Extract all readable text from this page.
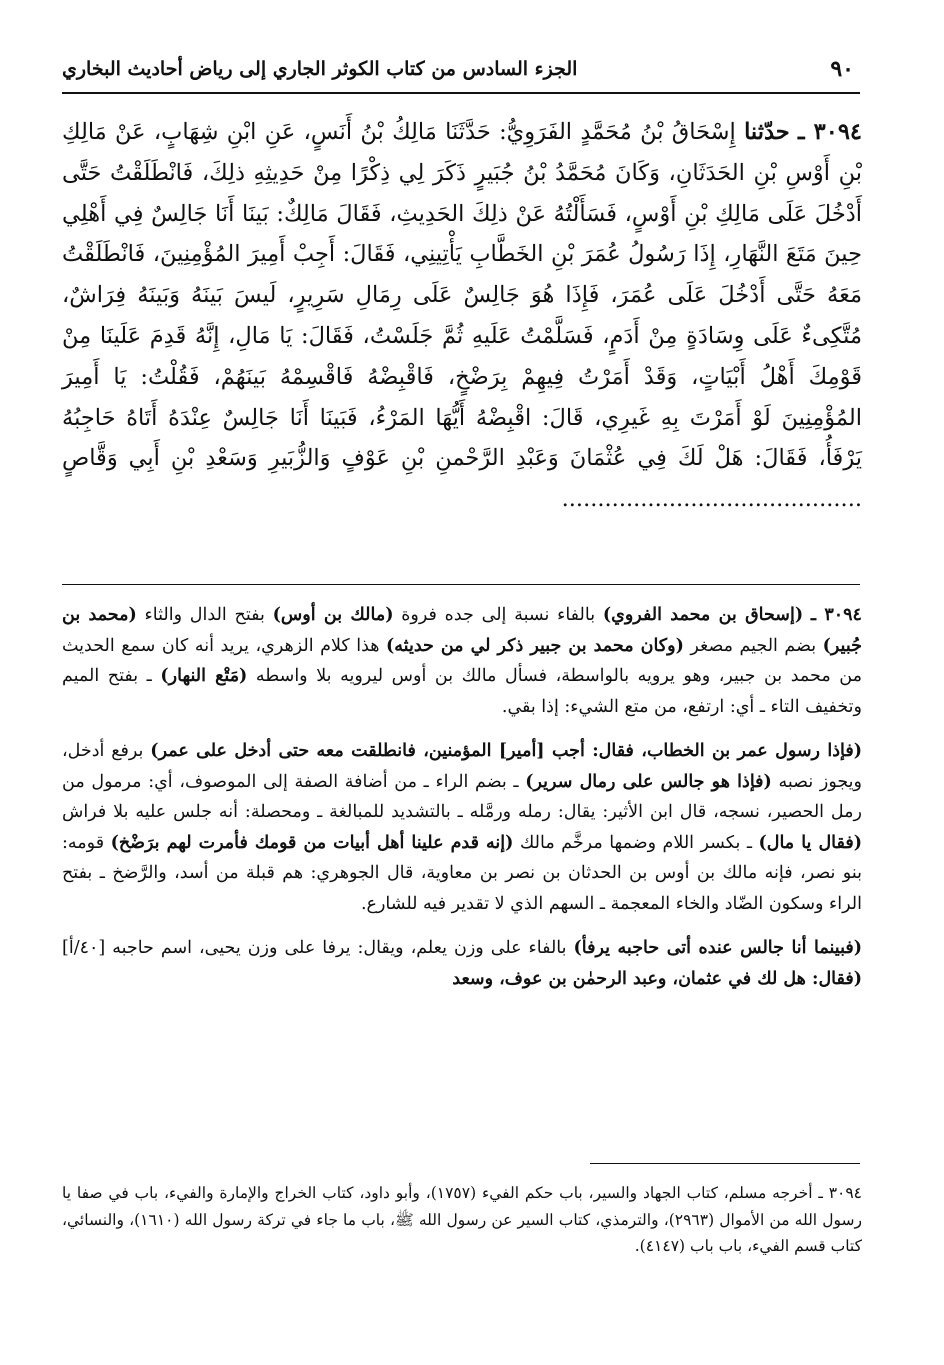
٩٠
الجزء السادس من كتاب الكوثر الجاري إلى رياض أحاديث البخاري
٣٠٩٤ ـ حدّثنا إِسْحَاقُ بْنُ مُحَمَّدٍ الفَرَوِيُّ: حَدَّثَنَا مَالِكُ بْنُ أَنَسٍ، عَنِ ابْنِ شِهَابٍ، عَنْ مَالِكِ بْنِ أَوْسِ بْنِ الحَدَثَانِ، وَكَانَ مُحَمَّدُ بْنُ جُبَيرٍ ذَكَرَ لِي ذِكْرًا مِنْ حَدِيثِهِ ذلِكَ، فَانْطَلَقْتُ حَتَّى أَدْخُلَ عَلَى مَالِكِ بْنِ أَوْسٍ، فَسَأَلْتُهُ عَنْ ذلِكَ الحَدِيثِ، فَقَالَ مَالِكٌ: بَينَا أَنَا جَالِسٌ فِي أَهْلِي حِينَ مَتَعَ النَّهَارِ، إِذَا رَسُولُ عُمَرَ بْنِ الخَطَّابِ يَأْتِينِي، فَقَالَ: أَجِبْ أَمِيرَ المُؤْمِنِينَ، فَانْطَلَقْتُ مَعَهُ حَتَّى أَدْخُلَ عَلَى عُمَرَ، فَإِذَا هُوَ جَالِسٌ عَلَى رِمَالِ سَرِيرٍ، لَيسَ بَينَهُ وَبَينَهُ فِرَاشٌ، مُتَّكِىءٌ عَلَى وِسَادَةٍ مِنْ أَدَمٍ، فَسَلَّمْتُ عَلَيهِ ثُمَّ جَلَسْتُ، فَقَالَ: يَا مَالِ، إِنَّهُ قَدِمَ عَلَينَا مِنْ قَوْمِكَ أَهْلُ أَبْيَاتٍ، وَقَدْ أَمَرْتُ فِيهِمْ بِرَضْخٍ، فَاقْبِضْهُ فَاقْسِمْهُ بَينَهُمْ، فَقُلْتُ: يَا أَمِيرَ المُؤْمِنِينَ لَوْ أَمَرْتَ بِهِ غَيرِي، قَالَ: اقْبِضْهُ أَيُّهَا المَرْءُ، فَبَينَا أَنَا جَالِسٌ عِنْدَهُ أَتَاهُ حَاجِبُهُ يَرْفَأُ، فَقَالَ: هَلْ لَكَ فِي عُثْمَانَ وَعَبْدِ الرَّحْمنِ بْنِ عَوْفٍ وَالزُّبَيرِ وَسَعْدِ بْنِ أَبِي وَقَّاصٍ ..........................................

٣٠٩٤ ـ (إسحاق بن محمد الفروي) بالفاء نسبة إلى جده فروة (مالك بن أوس) بفتح الدال والثاء (محمد بن جُبير) بضم الجيم مصغر (وكان محمد بن جبير ذكر لي من حديثه) هذا كلام الزهري، يريد أنه كان سمع الحديث من محمد بن جبير، وهو يرويه بالواسطة، فسأل مالك بن أوس ليرويه بلا واسطه (مَتْع النهار) ـ بفتح الميم وتخفيف التاء ـ أي: ارتفع، من متع الشيء: إذا بقي.

(فإذا رسول عمر بن الخطاب، فقال: أجب [أمير] المؤمنين، فانطلقت معه حتى أدخل على عمر) برفع أدخل، ويجوز نصبه (فإذا هو جالس على رمال سرير) ـ بضم الراء ـ من أضافة الصفة إلى الموصوف، أي: مرمول من رمل الحصير، نسجه، قال ابن الأثير: يقال: رمله ورمَّله ـ بالتشديد للمبالغة ـ ومحصلة: أنه جلس عليه بلا فراش (فقال يا مال) ـ بكسر اللام وضمها مرخَّم مالك (إنه قدم علينا أهل أبيات من قومك فأمرت لهم برَضْخ) قومه: بنو نصر، فإنه مالك بن أوس بن الحدثان بن نصر بن معاوية، قال الجوهري: هم قبلة من أسد، والرَّضخ ـ بفتح الراء وسكون الضّاد والخاء المعجمة ـ السهم الذي لا تقدير فيه للشارع.

(فبينما أنا جالس عنده أتى حاجبه يرفأ) بالفاء على وزن يعلم، ويقال: يرفا على وزن يحيى، اسم حاجبه [٤٠/أ] (فقال: هل لك في عثمان، وعبد الرحمٰن بن عوف، وسعد

٣٠٩٤ ـ أخرجه مسلم، كتاب الجهاد والسير، باب حكم الفيء (١٧٥٧)، وأبو داود، كتاب الخراج والإمارة والفيء، باب في صفا يا رسول الله من الأموال (٢٩٦٣)، والترمذي، كتاب السير عن رسول الله ﷺ، باب ما جاء في تركة رسول الله (١٦١٠)، والنسائي، كتاب قسم الفيء، باب باب (٤١٤٧).
